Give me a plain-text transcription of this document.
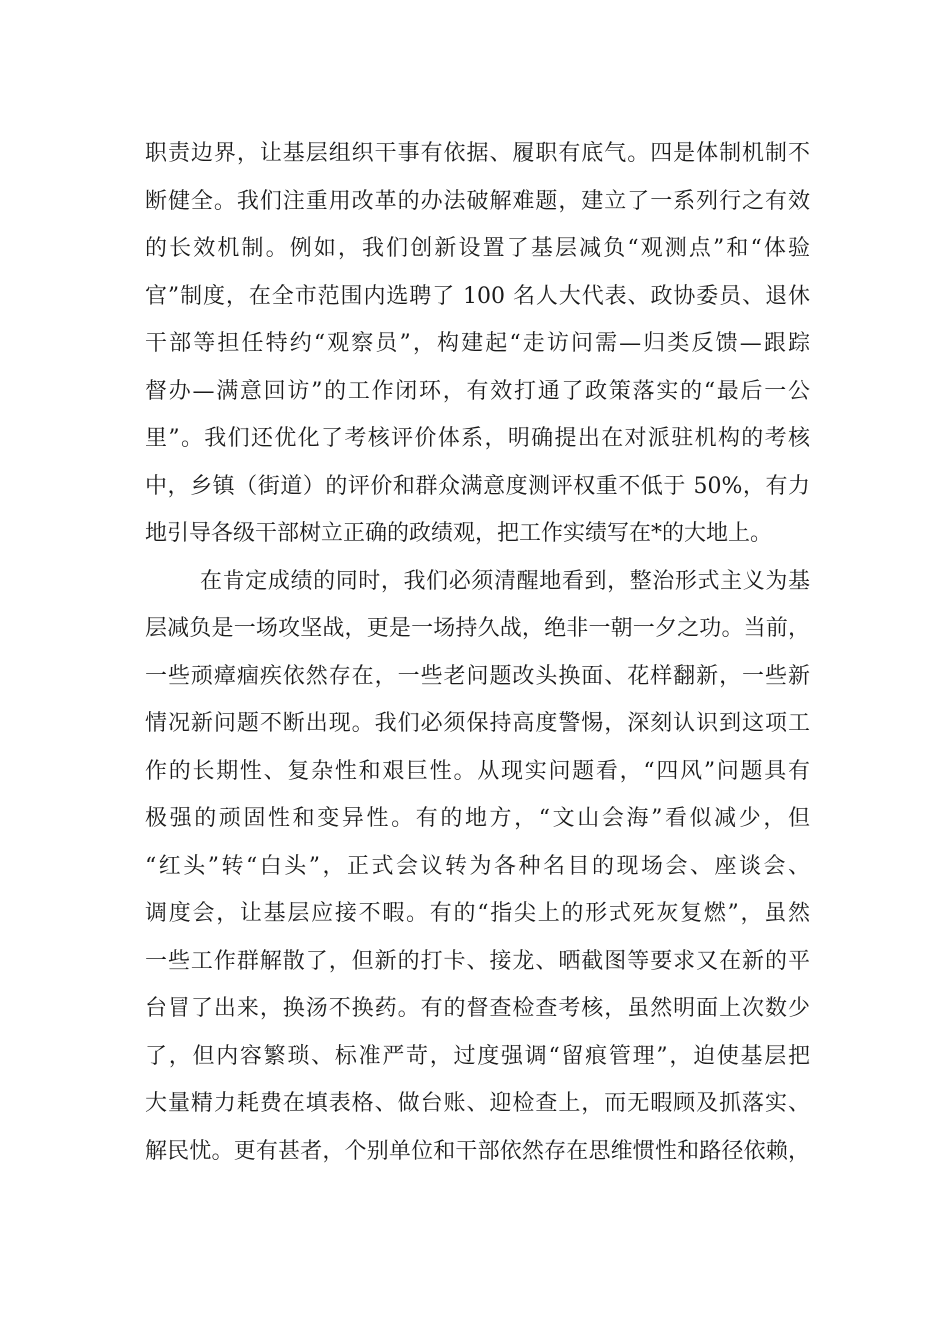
职责边界，让基层组织干事有依据、履职有底气。四是体制机制不
断健全。我们注重用改革的办法破解难题，建立了一系列行之有效
的长效机制。例如，我们创新设置了基层减负“观测点”和“体验
官”制度，在全市范围内选聘了 100 名人大代表、政协委员、退休
干部等担任特约“观察员”，构建起“走访问需—归类反馈—跟踪
督办—满意回访”的工作闭环，有效打通了政策落实的“最后一公
里”。我们还优化了考核评价体系，明确提出在对派驻机构的考核
中，乡镇（街道）的评价和群众满意度测评权重不低于 50%，有力
地引导各级干部树立正确的政绩观，把工作实绩写在*的大地上。
在肯定成绩的同时，我们必须清醒地看到，整治形式主义为基
层减负是一场攻坚战，更是一场持久战，绝非一朝一夕之功。当前，
一些顽瘴痼疾依然存在，一些老问题改头换面、花样翻新，一些新
情况新问题不断出现。我们必须保持高度警惕，深刻认识到这项工
作的长期性、复杂性和艰巨性。从现实问题看，“四风”问题具有
极强的顽固性和变异性。有的地方，“文山会海”看似减少，但
“红头”转“白头”，正式会议转为各种名目的现场会、座谈会、
调度会，让基层应接不暇。有的“指尖上的形式死灰复燃”，虽然
一些工作群解散了，但新的打卡、接龙、晒截图等要求又在新的平
台冒了出来，换汤不换药。有的督查检查考核，虽然明面上次数少
了，但内容繁琐、标准严苛，过度强调“留痕管理”，迫使基层把
大量精力耗费在填表格、做台账、迎检查上，而无暇顾及抓落实、
解民忧。更有甚者，个别单位和干部依然存在思维惯性和路径依赖，
